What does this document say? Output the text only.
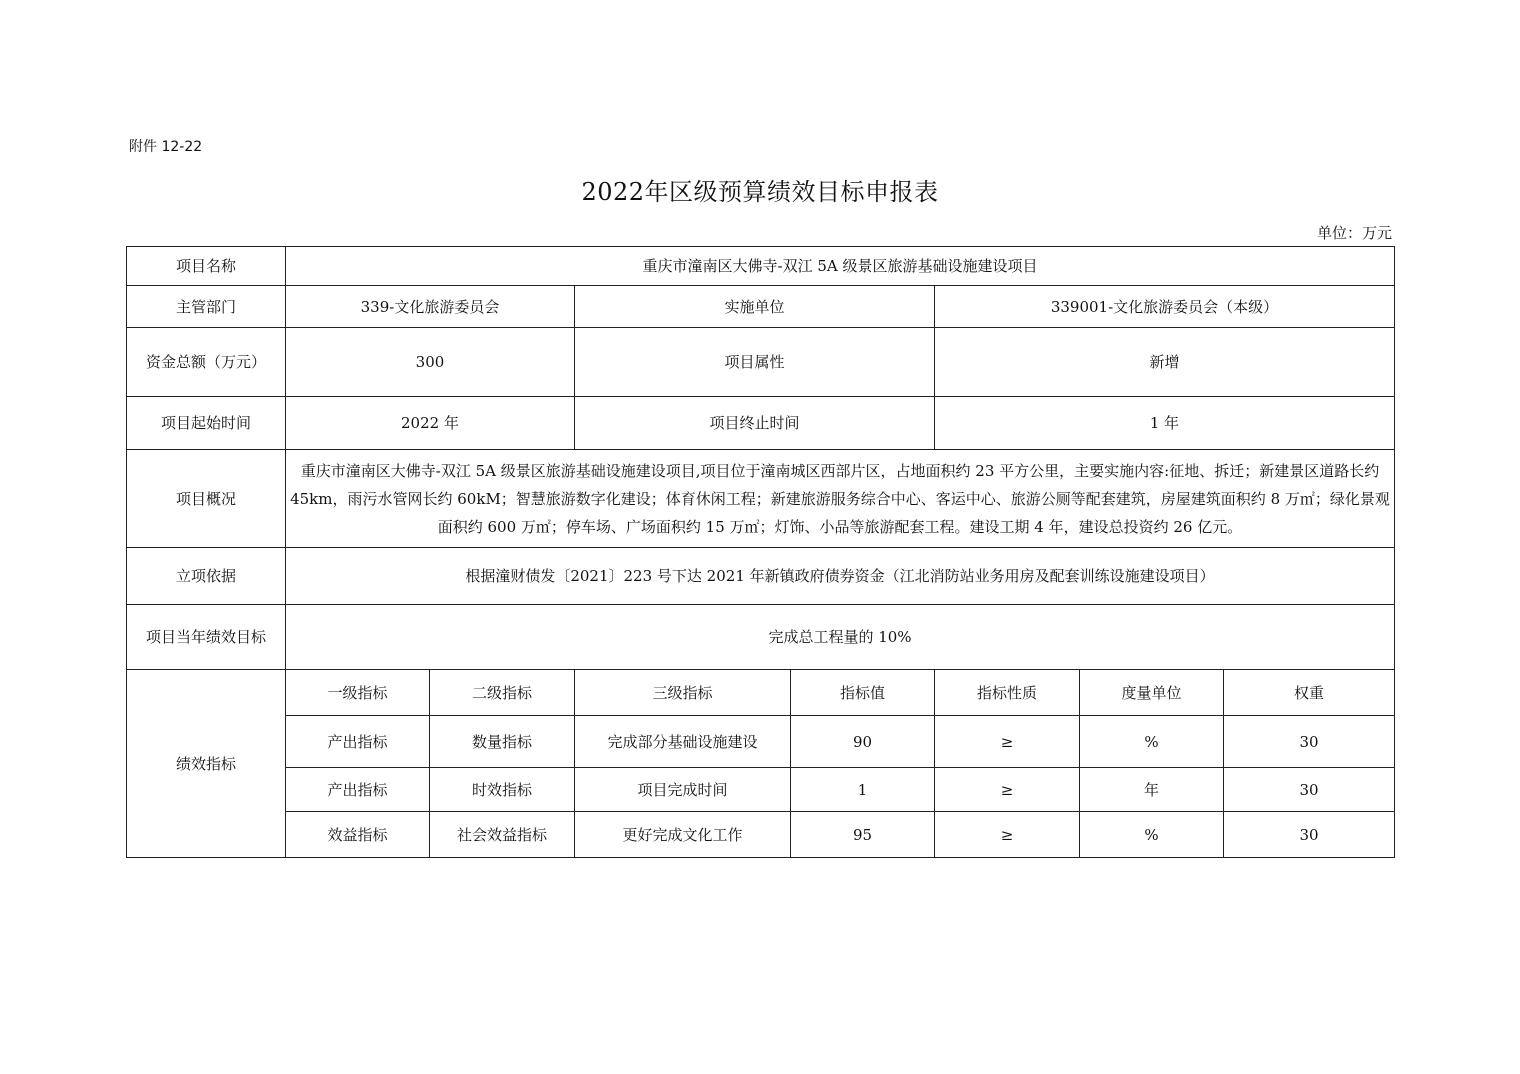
附件 12-22
2022年区级预算绩效目标申报表
单位：万元
项目名称	重庆市潼南区大佛寺-双江 5A 级景区旅游基础设施建设项目						
主管部门	339-文化旅游委员会		实施单位		339001-文化旅游委员会（本级）		
资金总额（万元）	300		项目属性		新增		
项目起始时间	2022 年		项目终止时间		1 年		
项目概况	重庆市潼南区大佛寺-双江 5A 级景区旅游基础设施建设项目,项目位于潼南城区西部片区，占地面积约 23 平方公里，主要实施内容:征地、拆迁；新建景区道路长约 45km，雨污水管网长约 60kM；智慧旅游数字化建设；体育休闲工程；新建旅游服务综合中心、客运中心、旅游公厕等配套建筑，房屋建筑面积约 8 万㎡；绿化景观面积约 600 万㎡；停车场、广场面积约 15 万㎡；灯饰、小品等旅游配套工程。建设工期 4 年，建设总投资约 26 亿元。						
立项依据	根据潼财债发〔2021〕223 号下达 2021 年新镇政府债券资金（江北消防站业务用房及配套训练设施建设项目）						
项目当年绩效目标	完成总工程量的 10%						
绩效指标	一级指标	二级指标	三级指标	指标值	指标性质	度量单位	权重
	产出指标	数量指标	完成部分基础设施建设	90	≥	%	30
	产出指标	时效指标	项目完成时间	1	≥	年	30
	效益指标	社会效益指标	更好完成文化工作	95	≥	%	30
